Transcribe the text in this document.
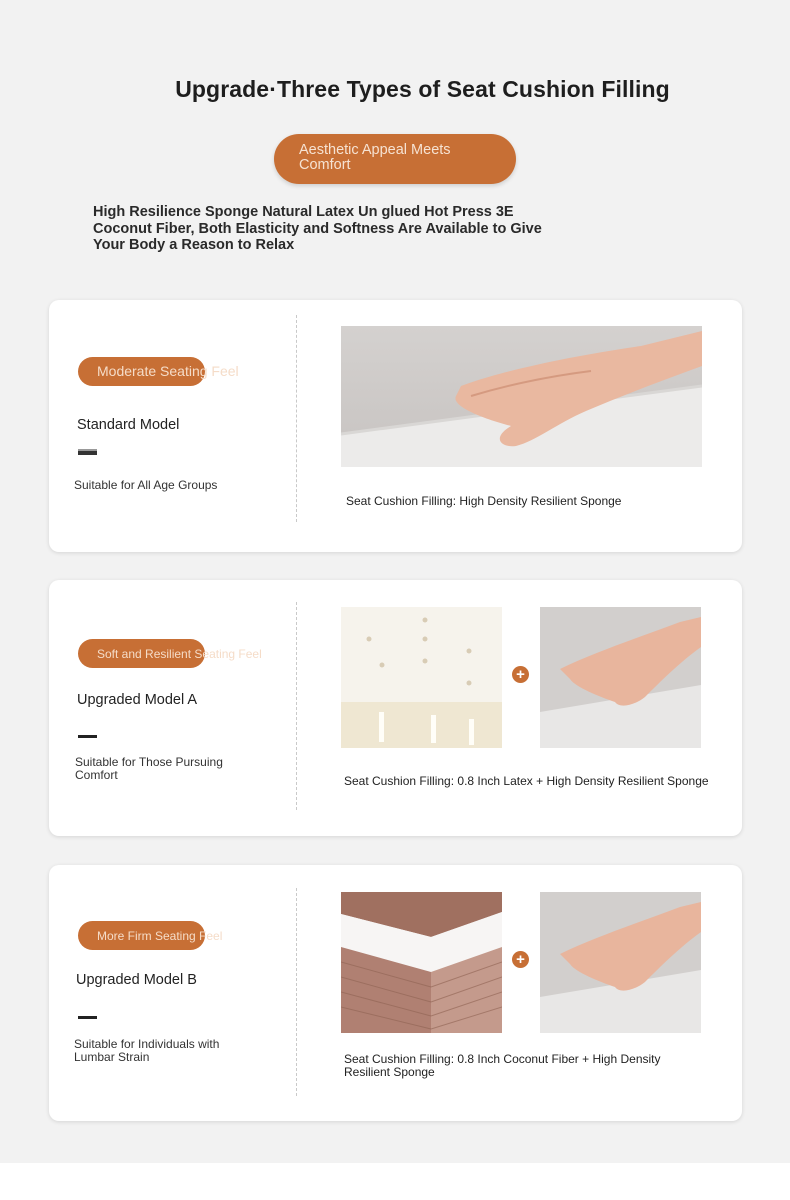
Upgrade·Three Types of Seat Cushion Filling
Aesthetic Appeal Meets Comfort

High Resilience Sponge Natural Latex Un glued Hot Press 3E Coconut Fiber, Both Elasticity and Softness Are Available to Give Your Body a Reason to Relax

Moderate Seating Feel
Standard Model
Suitable for All Age Groups
Seat Cushion Filling: High Density Resilient Sponge
Soft and Resilient Seating Feel
Upgraded Model A
Suitable for Those Pursuing Comfort
+
Seat Cushion Filling: 0.8 Inch Latex + High Density Resilient Sponge
More Firm Seating Feel
Upgraded Model B
Suitable for Individuals with Lumbar Strain
+
Seat Cushion Filling: 0.8 Inch Coconut Fiber + High Density Resilient Sponge
